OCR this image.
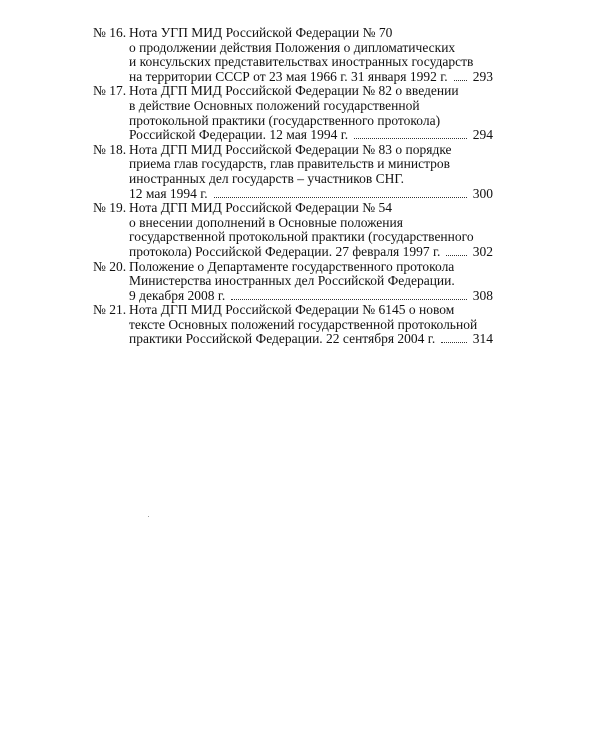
№ 16. Нота УГП МИД Российской Федерации № 70
о продолжении действия Положения о дипломатических
и консульских представительствах иностранных государств
на территории СССР от 23 мая 1966 г. 31 января 1992 г. 293
№ 17. Нота ДГП МИД Российской Федерации № 82 о введении
в действие Основных положений государственной
протокольной практики (государственного протокола)
Российской Федерации. 12 мая 1994 г.	294
№ 18. Нота ДГП МИД Российской Федерации № 83 о порядке
приема глав государств, глав правительств и министров
иностранных дел государств – участников СНГ.
12 мая 1994 г.	300
№ 19. Нота ДГП МИД Российской Федерации № 54
о внесении дополнений в Основные положения
государственной протокольной практики (государственного
протокола) Российской Федерации. 27 февраля 1997 г. 302
№ 20. Положение о Департаменте государственного протокола
Министерства иностранных дел Российской Федерации.
9 декабря 2008 г.	308
№ 21. Нота ДГП МИД Российской Федерации № 6145 о новом
тексте Основных положений государственной протокольной
практики Российской Федерации. 22 сентября 2004 г.	314
